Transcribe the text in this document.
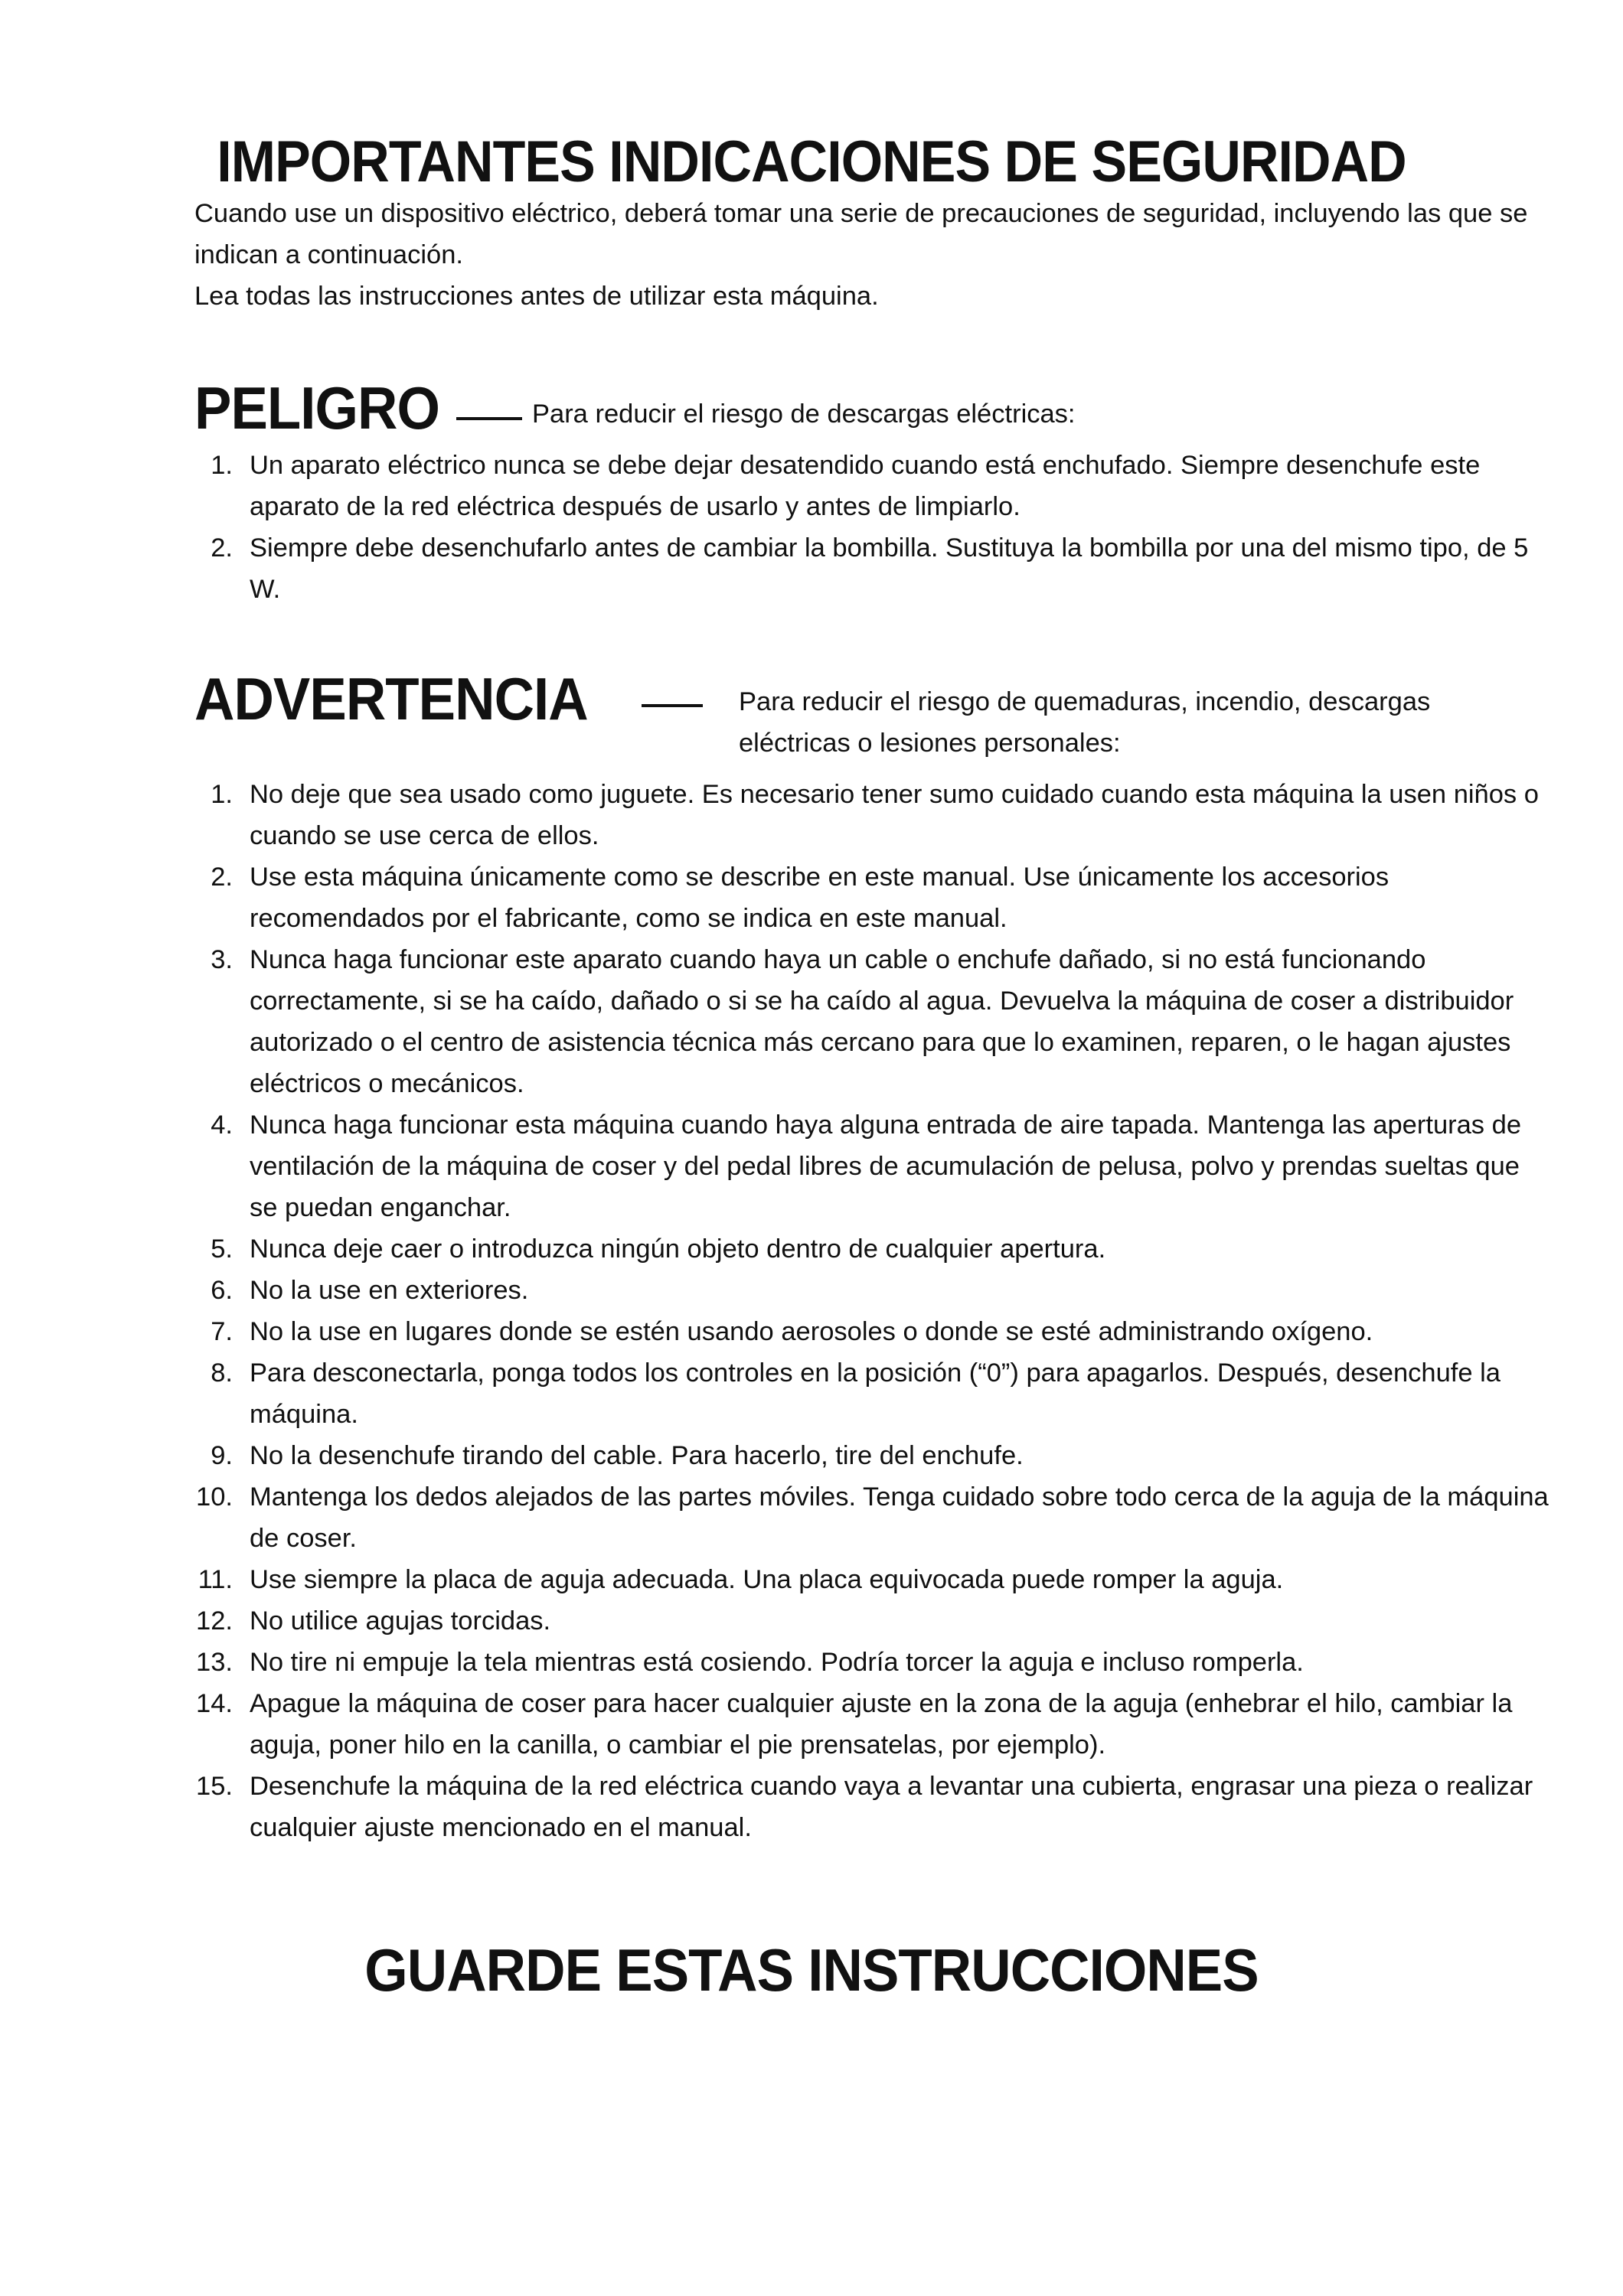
IMPORTANTES INDICACIONES DE SEGURIDAD

Cuando use un dispositivo eléctrico, deberá tomar una serie de precauciones de seguridad, incluyendo las que se indican a continuación.

Lea todas las instrucciones antes de utilizar esta máquina.

PELIGRO	Para reducir el riesgo de descargas eléctricas:
1. Un aparato eléctrico nunca se debe dejar desatendido cuando está enchufado. Siempre desenchufe este aparato de la red eléctrica después de usarlo y antes de limpiarlo.
2. Siempre debe desenchufarlo antes de cambiar la bombilla. Sustituya la bombilla por una del mismo tipo, de 5 W.
ADVERTENCIA	Para reducir el riesgo de quemaduras, incendio, descargas eléctricas o lesiones personales:
1. No deje que sea usado como juguete. Es necesario tener sumo cuidado cuando esta máquina la usen niños o cuando se use cerca de ellos.
2. Use esta máquina únicamente como se describe en este manual. Use únicamente los accesorios recomendados por el fabricante, como se indica en este manual.
3. Nunca haga funcionar este aparato cuando haya un cable o enchufe dañado, si no está funcionando correctamente, si se ha caído, dañado o si se ha caído al agua. Devuelva la máquina de coser a distribuidor autorizado o el centro de asistencia técnica más cercano para que lo examinen, reparen, o le hagan ajustes eléctricos o mecánicos.
4. Nunca haga funcionar esta máquina cuando haya alguna entrada de aire tapada. Mantenga las aperturas de ventilación de la máquina de coser y del pedal libres de acumulación de pelusa, polvo y prendas sueltas que se puedan enganchar.
5. Nunca deje caer o introduzca ningún objeto dentro de cualquier apertura.
6. No la use en exteriores.
7. No la use en lugares donde se estén usando aerosoles o donde se esté administrando oxígeno.
8. Para desconectarla, ponga todos los controles en la posición (“0”) para apagarlos. Después, desenchufe la máquina.
9. No la desenchufe tirando del cable. Para hacerlo, tire del enchufe.
10. Mantenga los dedos alejados de las partes móviles. Tenga cuidado sobre todo cerca de la aguja de la máquina de coser.
11. Use siempre la placa de aguja adecuada. Una placa equivocada puede romper la aguja.
12. No utilice agujas torcidas.
13. No tire ni empuje la tela mientras está cosiendo. Podría torcer la aguja e incluso romperla.
14. Apague la máquina de coser para hacer cualquier ajuste en la zona de la aguja (enhebrar el hilo, cambiar la aguja, poner hilo en la canilla, o cambiar el pie prensatelas, por ejemplo).
15. Desenchufe la máquina de la red eléctrica cuando vaya a levantar una cubierta, engrasar una pieza o realizar cualquier ajuste mencionado en el manual.
GUARDE ESTAS INSTRUCCIONES
